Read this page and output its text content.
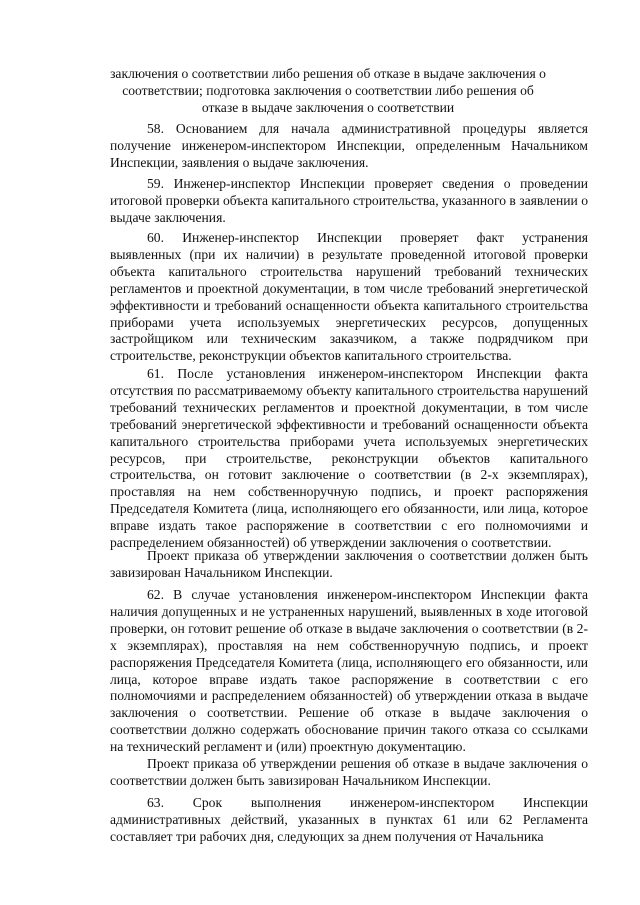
заключения о соответствии либо решения об отказе в выдаче заключения о соответствии; подготовка заключения о соответствии либо решения об отказе в выдаче заключения о соответствии

58. Основанием для начала административной процедуры является получение инженером-инспектором Инспекции, определенным Начальником Инспекции, заявления о выдаче заключения.

59. Инженер-инспектор Инспекции проверяет сведения о проведении итоговой проверки объекта капитального строительства, указанного в заявлении о выдаче заключения.

60. Инженер-инспектор Инспекции проверяет факт устранения выявленных (при их наличии) в результате проведенной итоговой проверки объекта капитального строительства нарушений требований технических регламентов и проектной документации, в том числе требований энергетической эффективности и требований оснащенности объекта капитального строительства приборами учета используемых энергетических ресурсов, допущенных застройщиком или техническим заказчиком, а также подрядчиком при строительстве, реконструкции объектов капитального строительства.

61. После установления инженером-инспектором Инспекции факта отсутствия по рассматриваемому объекту капитального строительства нарушений требований технических регламентов и проектной документации, в том числе требований энергетической эффективности и требований оснащенности объекта капитального строительства приборами учета используемых энергетических ресурсов, при строительстве, реконструкции объектов капитального строительства, он готовит заключение о соответствии (в 2-х экземплярах), проставляя на нем собственноручную подпись, и проект распоряжения Председателя Комитета (лица, исполняющего его обязанности, или лица, которое вправе издать такое распоряжение в соответствии с его полномочиями и распределением обязанностей) об утверждении заключения о соответствии.

Проект приказа об утверждении заключения о соответствии должен быть завизирован Начальником Инспекции.

62. В случае установления инженером-инспектором Инспекции факта наличия допущенных и не устраненных нарушений, выявленных в ходе итоговой проверки, он готовит решение об отказе в выдаче заключения о соответствии (в 2-х экземплярах), проставляя на нем собственноручную подпись, и проект распоряжения Председателя Комитета (лица, исполняющего его обязанности, или лица, которое вправе издать такое распоряжение в соответствии с его полномочиями и распределением обязанностей) об утверждении отказа в выдаче заключения о соответствии. Решение об отказе в выдаче заключения о соответствии должно содержать обоснование причин такого отказа со ссылками на технический регламент и (или) проектную документацию.

Проект приказа об утверждении решения об отказе в выдаче заключения о соответствии должен быть завизирован Начальником Инспекции.

63. Срок выполнения инженером-инспектором Инспекции административных действий, указанных в пунктах 61 или 62 Регламента составляет три рабочих дня, следующих за днем получения от Начальника
